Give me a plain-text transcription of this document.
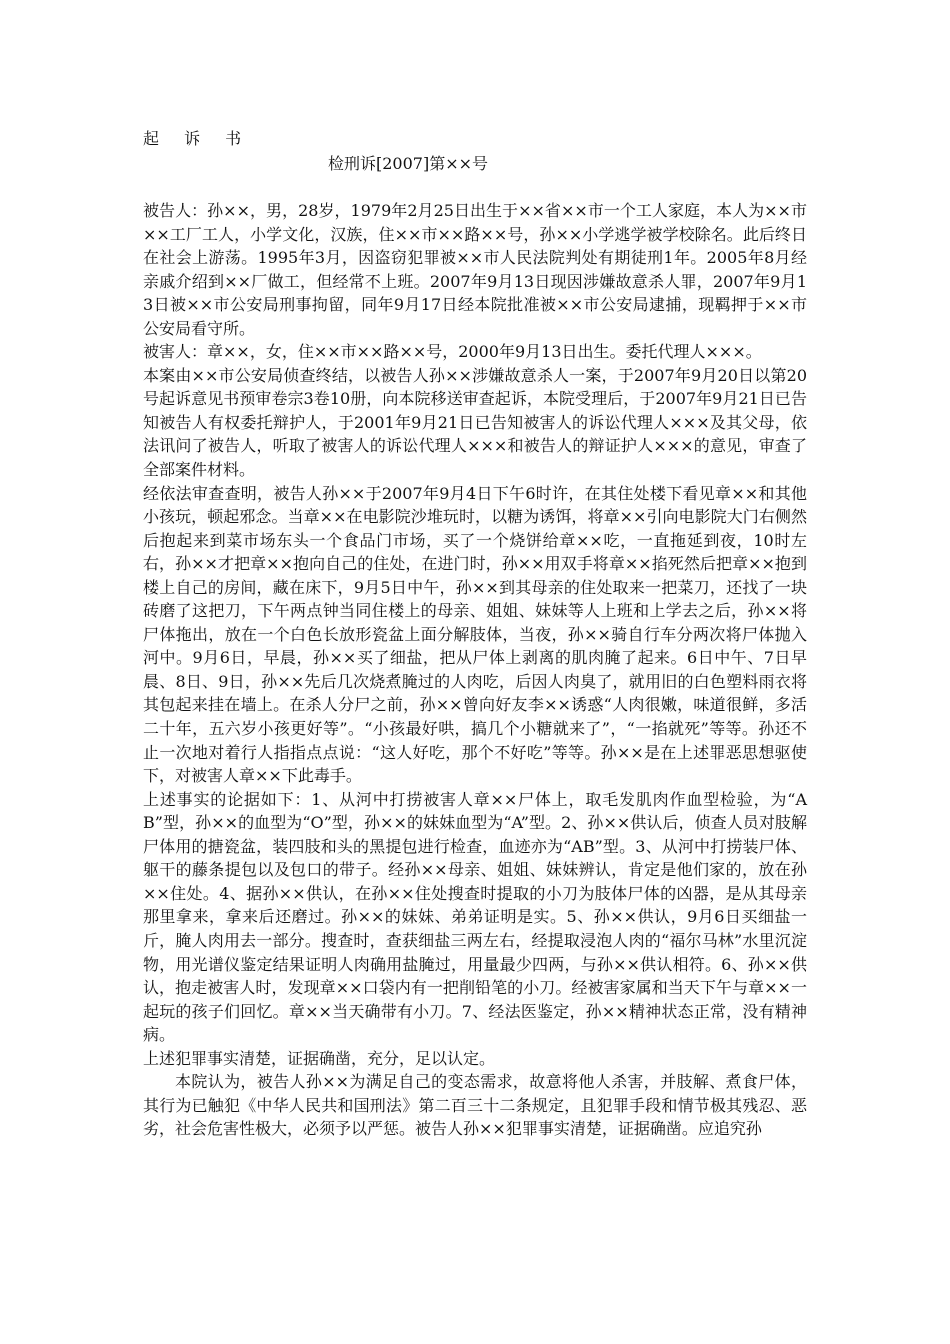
起 诉 书
检刑诉[2007]第××号

被告人：孙××，男，28岁，1979年2月25日出生于××省××市一个工人家庭，本人为××市××工厂工人，小学文化，汉族，住××市××路××号，孙××小学逃学被学校除名。此后终日在社会上游荡。1995年3月，因盗窃犯罪被××市人民法院判处有期徒刑1年。2005年8月经亲戚介绍到××厂做工，但经常不上班。2007年9月13日现因涉嫌故意杀人罪，2007年9月13日被××市公安局刑事拘留，同年9月17日经本院批准被××市公安局逮捕，现羁押于××市公安局看守所。

被害人：章××，女，住××市××路××号，2000年9月13日出生。委托代理人×××。

本案由××市公安局侦查终结，以被告人孙××涉嫌故意杀人一案，于2007年9月20日以第20号起诉意见书预审卷宗3卷10册，向本院移送审查起诉，本院受理后，于2007年9月21日已告知被告人有权委托辩护人，于2001年9月21日已告知被害人的诉讼代理人×××及其父母，依法讯问了被告人，听取了被害人的诉讼代理人×××和被告人的辩证护人×××的意见，审查了全部案件材料。

经依法审查查明，被告人孙××于2007年9月4日下午6时许，在其住处楼下看见章××和其他小孩玩，顿起邪念。当章××在电影院沙堆玩时，以糖为诱饵，将章××引向电影院大门右侧然后抱起来到菜市场东头一个食品门市场，买了一个烧饼给章××吃，一直拖延到夜，10时左右，孙××才把章××抱向自己的住处，在进门时，孙××用双手将章××掐死然后把章××抱到楼上自己的房间，藏在床下，9月5日中午，孙××到其母亲的住处取来一把菜刀，还找了一块砖磨了这把刀，下午两点钟当同住楼上的母亲、姐姐、妹妹等人上班和上学去之后，孙××将尸体拖出，放在一个白色长放形瓷盆上面分解肢体，当夜，孙××骑自行车分两次将尸体抛入河中。9月6日，早晨，孙××买了细盐，把从尸体上剥离的肌肉腌了起来。6日中午、7日早晨、8日、9日，孙××先后几次烧煮腌过的人肉吃，后因人肉臭了，就用旧的白色塑料雨衣将其包起来挂在墙上。在杀人分尸之前，孙××曾向好友李××诱惑“人肉很嫩，味道很鲜，多活二十年，五六岁小孩更好等”。“小孩最好哄，搞几个小糖就来了”，“一掐就死”等等。孙还不止一次地对着行人指指点点说：“这人好吃，那个不好吃”等等。孙××是在上述罪恶思想驱使下，对被害人章××下此毒手。

上述事实的论据如下：1、从河中打捞被害人章××尸体上，取毛发肌肉作血型检验，为“AB”型，孙××的血型为“O”型，孙××的妹妹血型为“A”型。2、孙××供认后，侦查人员对肢解尸体用的搪瓷盆，装四肢和头的黑提包进行检查，血迹亦为“AB”型。3、从河中打捞装尸体、躯干的藤条提包以及包口的带子。经孙××母亲、姐姐、妹妹辨认，肯定是他们家的，放在孙××住处。4、据孙××供认，在孙××住处搜查时提取的小刀为肢体尸体的凶器，是从其母亲那里拿来，拿来后还磨过。孙××的妹妹、弟弟证明是实。5、孙××供认，9月6日买细盐一斤，腌人肉用去一部分。搜查时，查获细盐三两左右，经提取浸泡人肉的“福尔马林”水里沉淀物，用光谱仪鉴定结果证明人肉确用盐腌过，用量最少四两，与孙××供认相符。6、孙××供认，抱走被害人时，发现章××口袋内有一把削铅笔的小刀。经被害家属和当天下午与章××一起玩的孩子们回忆。章××当天确带有小刀。7、经法医鉴定，孙××精神状态正常，没有精神病。

上述犯罪事实清楚，证据确凿，充分，足以认定。

本院认为，被告人孙××为满足自己的变态需求，故意将他人杀害，并肢解、煮食尸体，其行为已触犯《中华人民共和国刑法》第二百三十二条规定，且犯罪手段和情节极其残忍、恶劣，社会危害性极大，必须予以严惩。被告人孙××犯罪事实清楚，证据确凿。应追究孙
